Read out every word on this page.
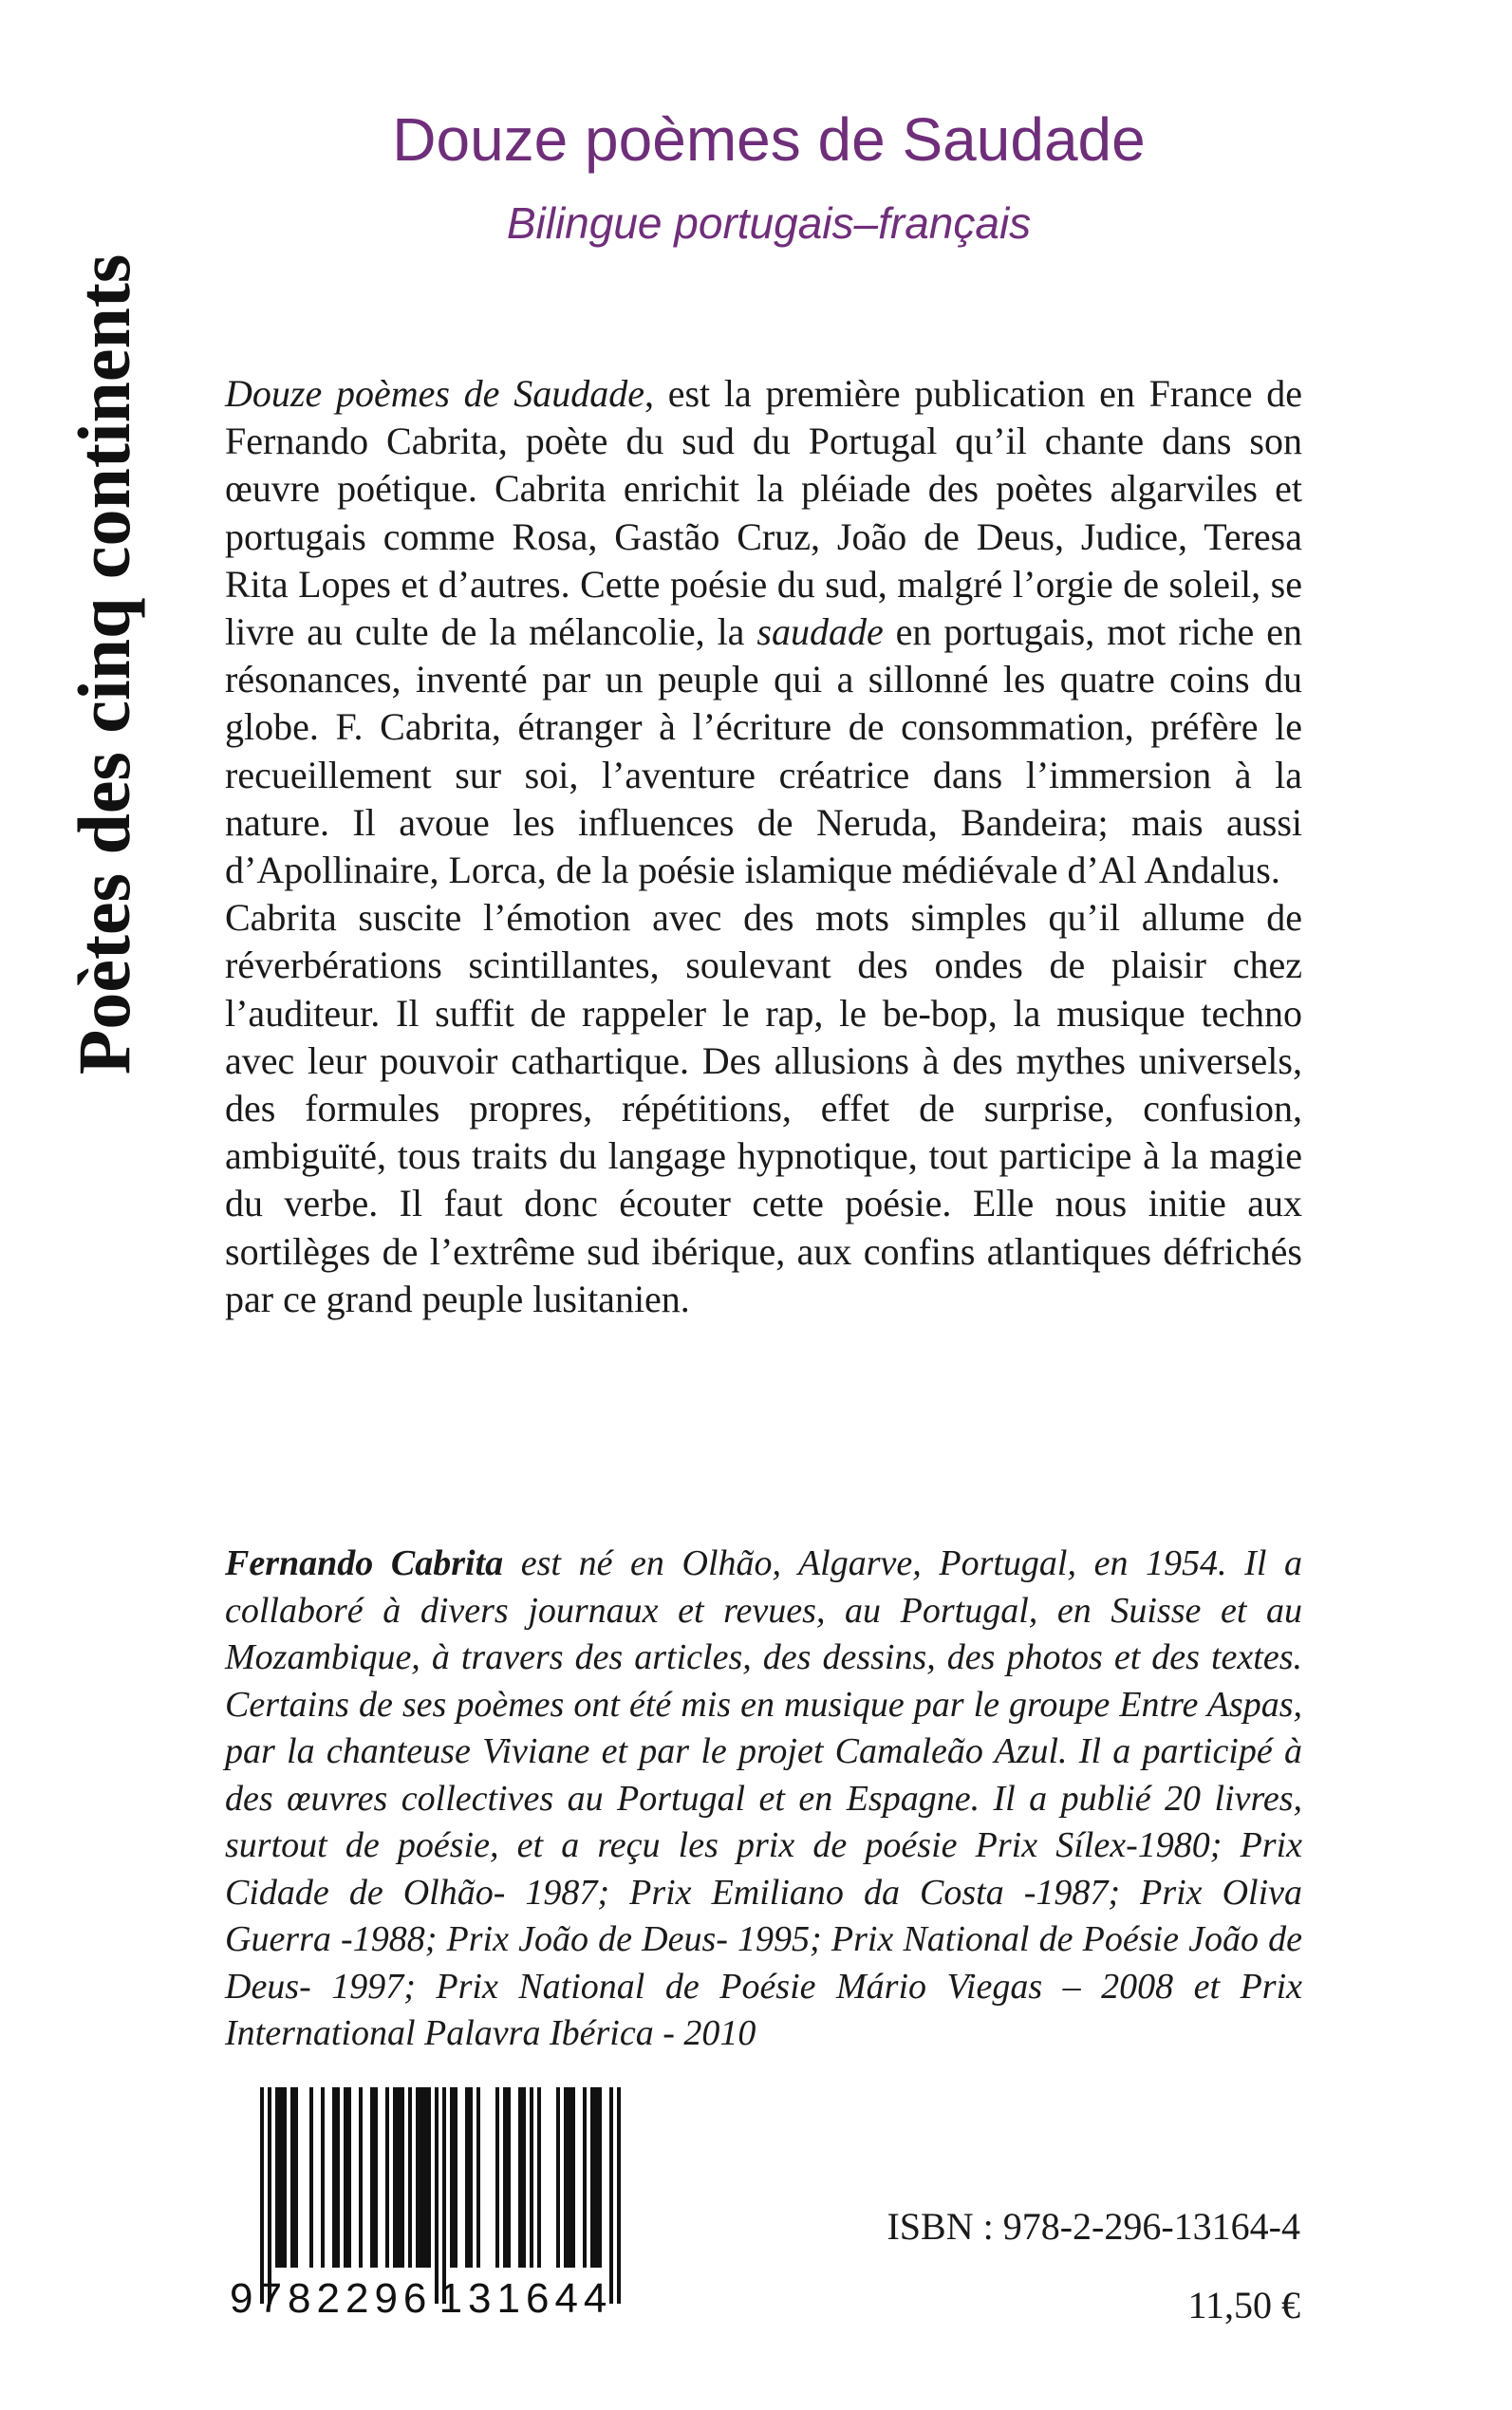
Poètes des cinq continents
Douze poèmes de Saudade
Bilingue portugais–français

Douze poèmes de Saudade, est la première publication en France de Fernando Cabrita, poète du sud du Portugal qu’il chante dans son œuvre poétique. Cabrita enrichit la pléiade des poètes algarviles et portugais comme Rosa, Gastão Cruz, João de Deus, Judice, Teresa Rita Lopes et d’autres. Cette poésie du sud, malgré l’orgie de soleil, se livre au culte de la mélancolie, la saudade en portugais, mot riche en résonances, inventé par un peuple qui a sillonné les quatre coins du globe. F. Cabrita, étranger à l’écriture de consommation, préfère le recueillement sur soi, l’aventure créatrice dans l’immersion à la nature. Il avoue les influences de Neruda, Bandeira; mais aussi d’Apollinaire, Lorca, de la poésie islamique médiévale d’Al Andalus.

Cabrita suscite l’émotion avec des mots simples qu’il allume de réverbérations scintillantes, soulevant des ondes de plaisir chez l’auditeur. Il suffit de rappeler le rap, le be-bop, la musique techno avec leur pouvoir cathartique. Des allusions à des mythes universels, des formules propres, répétitions, effet de surprise, confusion, ambiguïté, tous traits du langage hypnotique, tout participe à la magie du verbe. Il faut donc écouter cette poésie. Elle nous initie aux sortilèges de l’extrême sud ibérique, aux confins atlantiques défrichés par ce grand peuple lusitanien.

Fernando Cabrita est né en Olhão, Algarve, Portugal, en 1954. Il a collaboré à divers journaux et revues, au Portugal, en Suisse et au Mozambique, à travers des articles, des dessins, des photos et des textes. Certains de ses poèmes ont été mis en musique par le groupe Entre Aspas, par la chanteuse Viviane et par le projet Camaleão Azul. Il a participé à des œuvres collectives au Portugal et en Espagne. Il a publié 20 livres, surtout de poésie, et a reçu les prix de poésie Prix Sílex-1980; Prix Cidade de Olhão- 1987; Prix Emiliano da Costa -1987; Prix Oliva Guerra -1988; Prix João de Deus- 1995; Prix National de Poésie João de Deus- 1997; Prix National de Poésie Mário Viegas – 2008 et Prix International Palavra Ibérica - 2010
9 782296 131644
ISBN : 978-2-296-13164-4
11,50 €
